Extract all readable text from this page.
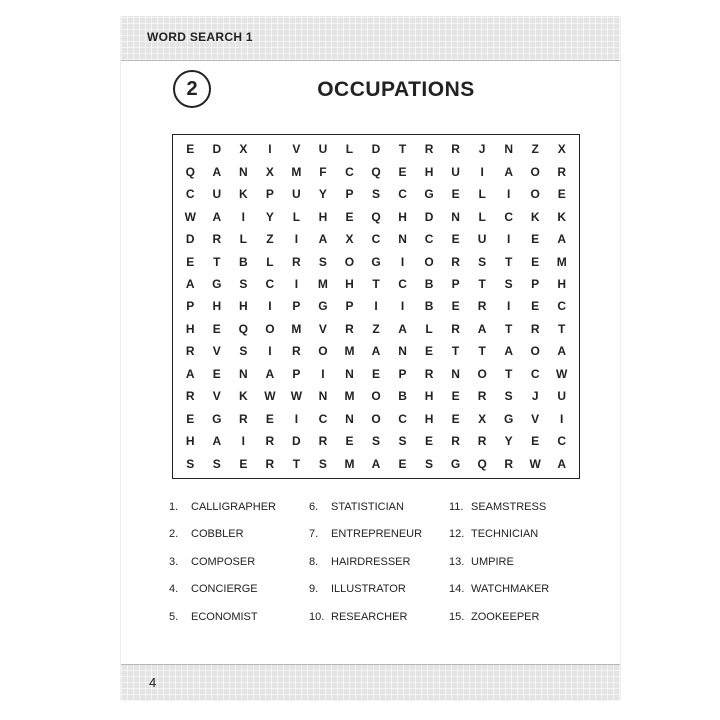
WORD SEARCH 1
2	OCCUPATIONS
E	D	X	I	V	U	L	D	T	R	R	J	N	Z	X
Q	A	N	X	M	F	C	Q	E	H	U	I	A	O	R
C	U	K	P	U	Y	P	S	C	G	E	L	I	O	E
W	A	I	Y	L	H	E	Q	H	D	N	L	C	K	K
D	R	L	Z	I	A	X	C	N	C	E	U	I	E	A
E	T	B	L	R	S	O	G	I	O	R	S	T	E	M
A	G	S	C	I	M	H	T	C	B	P	T	S	P	H
P	H	H	I	P	G	P	I	I	B	E	R	I	E	C
H	E	Q	O	M	V	R	Z	A	L	R	A	T	R	T
R	V	S	I	R	O	M	A	N	E	T	T	A	O	A
A	E	N	A	P	I	N	E	P	R	N	O	T	C	W
R	V	K	W	W	N	M	O	B	H	E	R	S	J	U
E	G	R	E	I	C	N	O	C	H	E	X	G	V	I
H	A	I	R	D	R	E	S	S	E	R	R	Y	E	C
S	S	E	R	T	S	M	A	E	S	G	Q	R	W	A
1.	CALLIGRAPHER
2.	COBBLER
3.	COMPOSER
4.	CONCIERGE
5.	ECONOMIST
6.	STATISTICIAN
7.	ENTREPRENEUR
8.	HAIRDRESSER
9.	ILLUSTRATOR
10. RESEARCHER
11. SEAMSTRESS
12. TECHNICIAN
13. UMPIRE
14. WATCHMAKER
15. ZOOKEEPER
4
